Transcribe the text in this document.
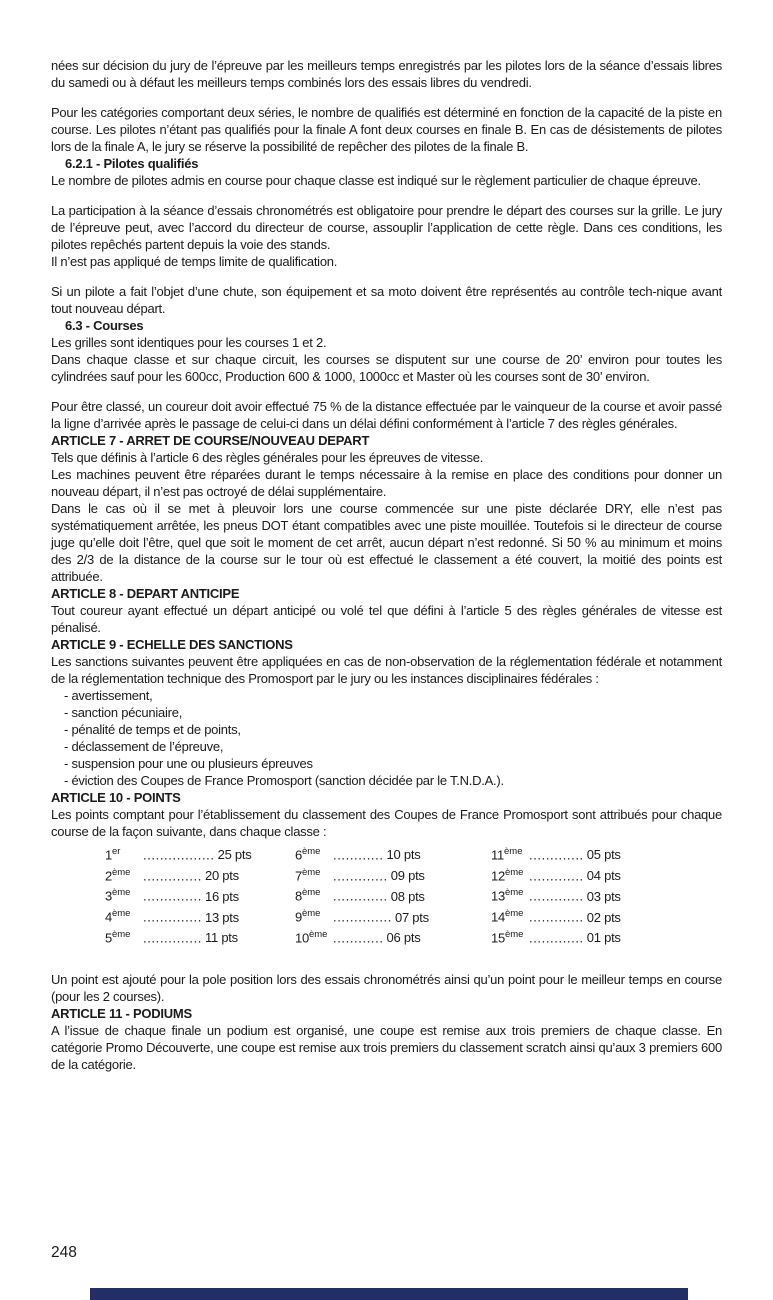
nées sur décision du jury de l’épreuve par les meilleurs temps enregistrés par les pilotes lors de la séance d’essais libres du samedi ou à défaut les meilleurs temps combinés lors des essais libres du vendredi.

Pour les catégories comportant deux séries, le nombre de qualifiés est déterminé en fonction de la capacité de la piste en course. Les pilotes n’étant pas qualifiés pour la finale A font deux courses en finale B. En cas de désistements de pilotes lors de la finale A, le jury se réserve la possibilité de repêcher des pilotes de la finale B.

6.2.1 - Pilotes qualifiés

Le nombre de pilotes admis en course pour chaque classe est indiqué sur le règlement particulier de chaque épreuve.

La participation à la séance d’essais chronométrés est obligatoire pour prendre le départ des courses sur la grille. Le jury de l’épreuve peut, avec l’accord du directeur de course, assouplir l’application de cette règle. Dans ces conditions, les pilotes repêchés partent depuis la voie des stands.

Il n’est pas appliqué de temps limite de qualification.

Si un pilote a fait l’objet d’une chute, son équipement et sa moto doivent être représentés au contrôle tech-nique avant tout nouveau départ.

6.3 - Courses

Les grilles sont identiques pour les courses 1 et 2.

Dans chaque classe et sur chaque circuit, les courses se disputent sur une course de 20’ environ pour toutes les cylindrées sauf pour les 600cc, Production 600 & 1000, 1000cc et Master où les courses sont de 30’ environ.

Pour être classé, un coureur doit avoir effectué 75 % de la distance effectuée par le vainqueur de la course et avoir passé la ligne d’arrivée après le passage de celui-ci dans un délai défini conformément à l’article 7 des règles générales.

ARTICLE 7 - ARRET DE COURSE/NOUVEAU DEPART

Tels que définis à l’article 6 des règles générales pour les épreuves de vitesse.

Les machines peuvent être réparées durant le temps nécessaire à la remise en place des conditions pour donner un nouveau départ, il n’est pas octroyé de délai supplémentaire.

Dans le cas où il se met à pleuvoir lors une course commencée sur une piste déclarée DRY, elle n’est pas systématiquement arrêtée, les pneus DOT étant compatibles avec une piste mouillée. Toutefois si le directeur de course juge qu’elle doit l’être, quel que soit le moment de cet arrêt, aucun départ n’est redonné. Si 50 % au minimum et moins des 2/3 de la distance de la course sur le tour où est effectué le classement a été couvert, la moitié des points est attribuée.

ARTICLE 8 - DEPART ANTICIPE

Tout coureur ayant effectué un départ anticipé ou volé tel que défini à l’article 5 des règles générales de vitesse est pénalisé.

ARTICLE 9 - ECHELLE DES SANCTIONS

Les sanctions suivantes peuvent être appliquées en cas de non-observation de la réglementation fédérale et notamment de la réglementation technique des Promosport par le jury ou les instances disciplinaires fédérales :

- avertissement,
- sanction pécuniaire,
- pénalité de temps et de points,
- déclassement de l’épreuve,
- suspension pour une ou plusieurs épreuves
- éviction des Coupes de France Promosport (sanction décidée par le T.N.D.A.).

ARTICLE 10 - POINTS

Les points comptant pour l’établissement du classement des Coupes de France Promosport sont attribués pour chaque course de la façon suivante, dans chaque classe :

1er ................. 25 pts
2ème .............. 20 pts
3ème .............. 16 pts
4ème .............. 13 pts
5ème .............. 11 pts
6ème ............ 10 pts
7ème ............. 09 pts
8ème ............. 08 pts
9ème .............. 07 pts
10ème ............ 06 pts
11ème ............. 05 pts
12ème ............. 04 pts
13ème ............. 03 pts
14ème ............. 02 pts
15ème ............. 01 pts

Un point est ajouté pour la pole position lors des essais chronométrés ainsi qu’un point pour le meilleur temps en course (pour les 2 courses).

ARTICLE 11 - PODIUMS

A l’issue de chaque finale un podium est organisé, une coupe est remise aux trois premiers de chaque classe. En catégorie Promo Découverte, une coupe est remise aux trois premiers du classement scratch ainsi qu’aux 3 premiers 600 de la catégorie.

248
